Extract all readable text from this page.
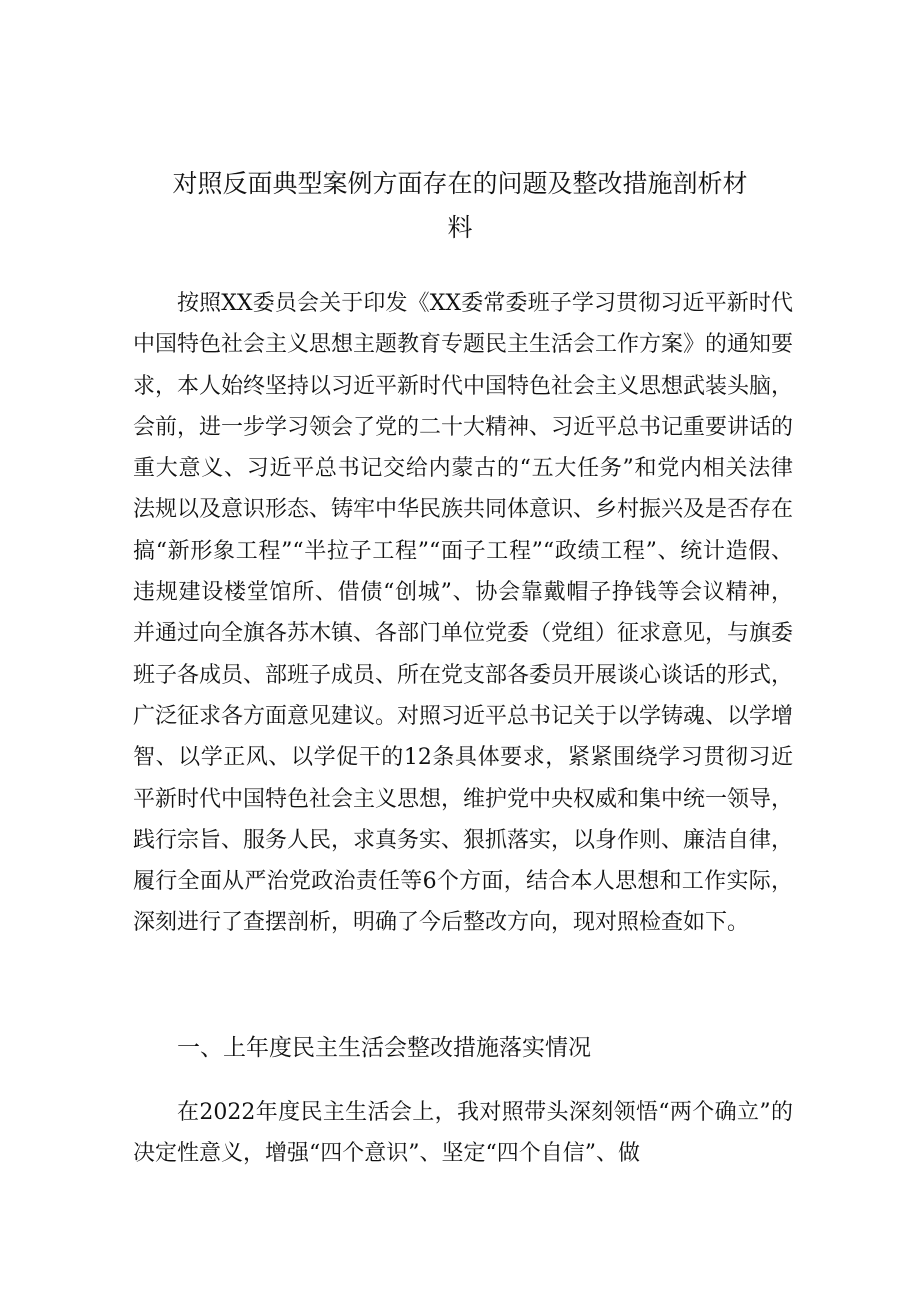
对照反面典型案例方面存在的问题及整改措施剖析材
料

按照XX委员会关于印发《XX委常委班子学习贯彻习近平新时代中国特色社会主义思想主题教育专题民主生活会工作方案》的通知要求，本人始终坚持以习近平新时代中国特色社会主义思想武装头脑，会前，进一步学习领会了党的二十大精神、习近平总书记重要讲话的重大意义、习近平总书记交给内蒙古的“五大任务”和党内相关法律法规以及意识形态、铸牢中华民族共同体意识、乡村振兴及是否存在搞“新形象工程”“半拉子工程”“面子工程”“政绩工程”、统计造假、违规建设楼堂馆所、借债“创城”、协会靠戴帽子挣钱等会议精神，并通过向全旗各苏木镇、各部门单位党委（党组）征求意见，与旗委班子各成员、部班子成员、所在党支部各委员开展谈心谈话的形式，广泛征求各方面意见建议。对照习近平总书记关于以学铸魂、以学增智、以学正风、以学促干的12条具体要求，紧紧围绕学习贯彻习近平新时代中国特色社会主义思想，维护党中央权威和集中统一领导，践行宗旨、服务人民，求真务实、狠抓落实，以身作则、廉洁自律，履行全面从严治党政治责任等6个方面，结合本人思想和工作实际，深刻进行了查摆剖析，明确了今后整改方向，现对照检查如下。

一、上年度民主生活会整改措施落实情况

在2022年度民主生活会上，我对照带头深刻领悟“两个确立”的决定性意义，增强“四个意识”、坚定“四个自信”、做
